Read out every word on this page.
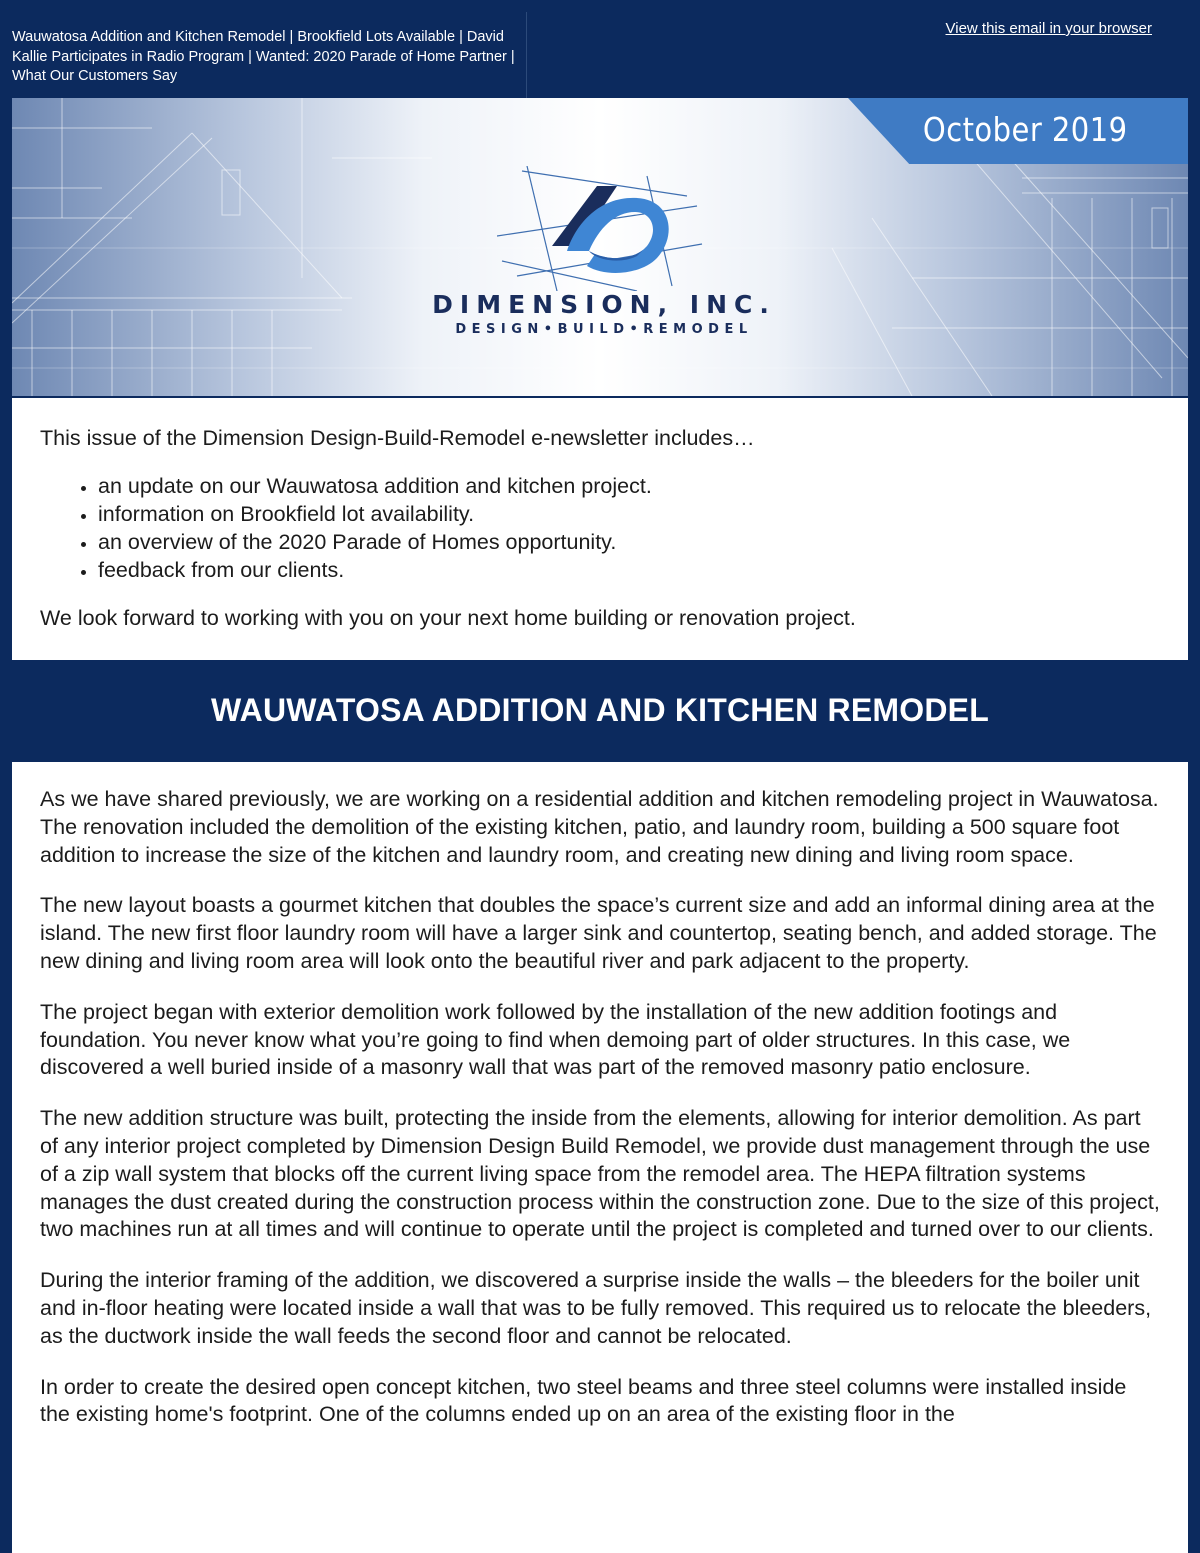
Wauwatosa Addition and Kitchen Remodel | Brookfield Lots Available | David Kallie Participates in Radio Program | Wanted: 2020 Parade of Home Partner | What Our Customers Say
View this email in your browser
October 2019
DIMENSION, INC.
DESIGN•BUILD•REMODEL

This issue of the Dimension Design-Build-Remodel e-newsletter includes…

• an update on our Wauwatosa addition and kitchen project.
• information on Brookfield lot availability.
• an overview of the 2020 Parade of Homes opportunity.
• feedback from our clients.

We look forward to working with you on your next home building or renovation project.

WAUWATOSA ADDITION AND KITCHEN REMODEL

As we have shared previously, we are working on a residential addition and kitchen remodeling project in Wauwatosa. The renovation included the demolition of the existing kitchen, patio, and laundry room, building a 500 square foot addition to increase the size of the kitchen and laundry room, and creating new dining and living room space.

The new layout boasts a gourmet kitchen that doubles the space’s current size and add an informal dining area at the island. The new first floor laundry room will have a larger sink and countertop, seating bench, and added storage. The new dining and living room area will look onto the beautiful river and park adjacent to the property.

The project began with exterior demolition work followed by the installation of the new addition footings and foundation. You never know what you’re going to find when demoing part of older structures. In this case, we discovered a well buried inside of a masonry wall that was part of the removed masonry patio enclosure.

The new addition structure was built, protecting the inside from the elements, allowing for interior demolition. As part of any interior project completed by Dimension Design Build Remodel, we provide dust management through the use of a zip wall system that blocks off the current living space from the remodel area. The HEPA filtration systems manages the dust created during the construction process within the construction zone. Due to the size of this project, two machines run at all times and will continue to operate until the project is completed and turned over to our clients.

During the interior framing of the addition, we discovered a surprise inside the walls – the bleeders for the boiler unit and in-floor heating were located inside a wall that was to be fully removed. This required us to relocate the bleeders, as the ductwork inside the wall feeds the second floor and cannot be relocated.

In order to create the desired open concept kitchen, two steel beams and three steel columns were installed inside the existing home's footprint. One of the columns ended up on an area of the existing floor in the
